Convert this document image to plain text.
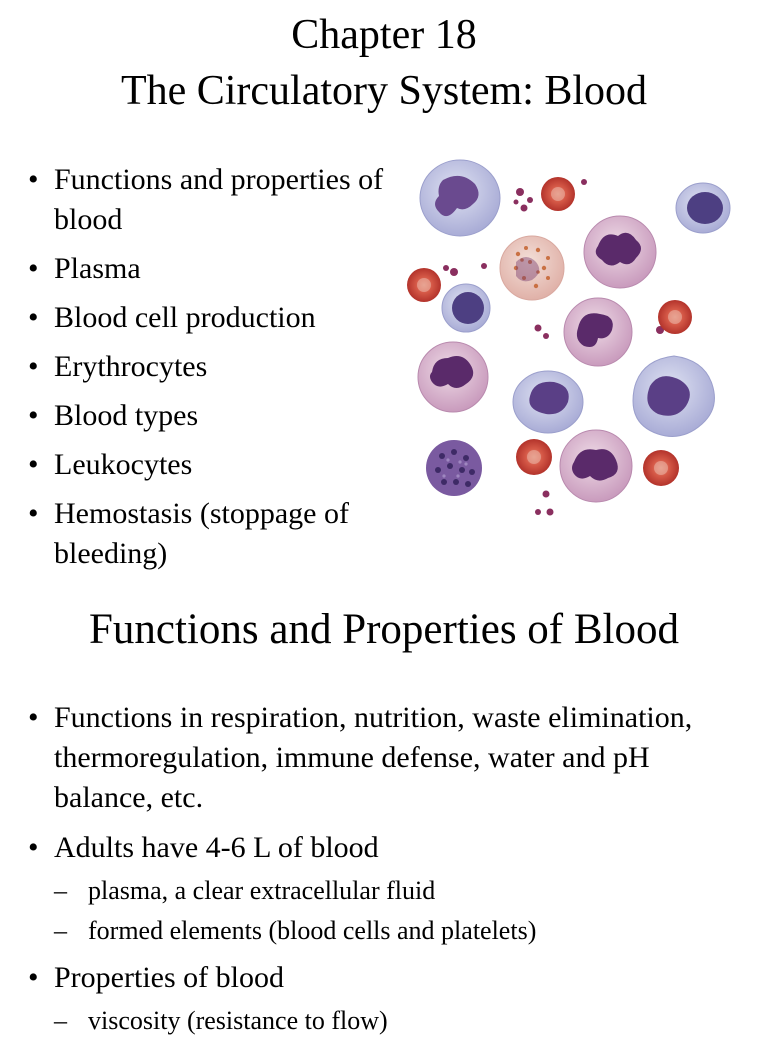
Chapter 18
The Circulatory System: Blood
• Functions and properties of blood
• Plasma
• Blood cell production
• Erythrocytes
• Blood types
• Leukocytes
• Hemostasis (stoppage of bleeding)
Functions and Properties of Blood
• Functions in respiration, nutrition, waste elimination, thermoregulation, immune defense, water and pH balance, etc.
• Adults have 4-6 L of blood
– plasma, a clear extracellular fluid
– formed elements (blood cells and platelets)
• Properties of blood
– viscosity (resistance to flow)
